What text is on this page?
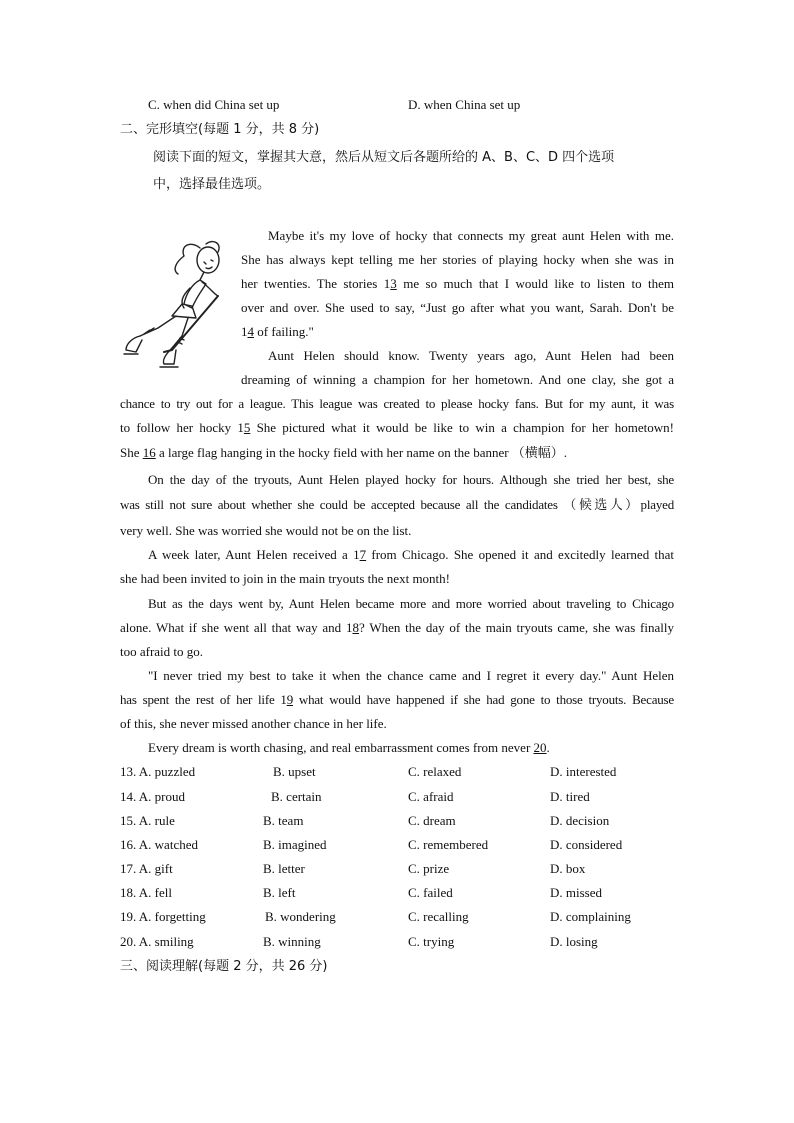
C. when did China set up	D. when China set up
二、完形填空(每题 1 分，共 8 分)
阅读下面的短文，掌握其大意，然后从短文后各题所给的 A、B、C、D 四个选项
中，选择最佳选项。
Maybe it's my love of hocky that connects my great aunt Helen with me.
She has always kept telling me her stories of playing hocky when she was in
her twenties. The stories 13 me so much that I would like to listen to them
over and over. She used to say, “Just go after what you want, Sarah. Don't be
14 of failing."
Aunt Helen should know. Twenty years ago, Aunt Helen had been
dreaming of winning a champion for her hometown. And one clay, she got a
chance to try out for a league. This league was created to please hocky fans. But for my aunt, it was
to follow her hocky 15 She pictured what it would be like to win a champion for her hometown!
She 16 a large flag hanging in the hocky field with her name on the banner （横幅）.
On the day of the tryouts, Aunt Helen played hocky for hours. Although she tried her best, she
was still not sure about whether she could be accepted because all the candidates （候选人）played
very well. She was worried she would not be on the list.
A week later, Aunt Helen received a 17 from Chicago. She opened it and excitedly learned that
she had been invited to join in the main tryouts the next month!
But as the days went by, Aunt Helen became more and more worried about traveling to Chicago
alone. What if she went all that way and 18? When the day of the main tryouts came, she was finally
too afraid to go.
"I never tried my best to take it when the chance came and I regret it every day." Aunt Helen
has spent the rest of her life 19 what would have happened if she had gone to those tryouts. Because
of this, she never missed another chance in her life.
Every dream is worth chasing, and real embarrassment comes from never 20.
13. A. puzzled	B. upset	C. relaxed	D. interested
14. A. proud	B. certain	C. afraid	D. tired
15. A. rule	B. team	C. dream	D. decision
16. A. watched	B. imagined	C. remembered	D. considered
17. A. gift	B. letter	C. prize	D. box
18. A. fell	B. left	C. failed	D. missed
19. A. forgetting	B. wondering	C. recalling	D. complaining
20. A. smiling	B. winning	C. trying	D. losing
三、阅读理解(每题 2 分，共 26 分)
